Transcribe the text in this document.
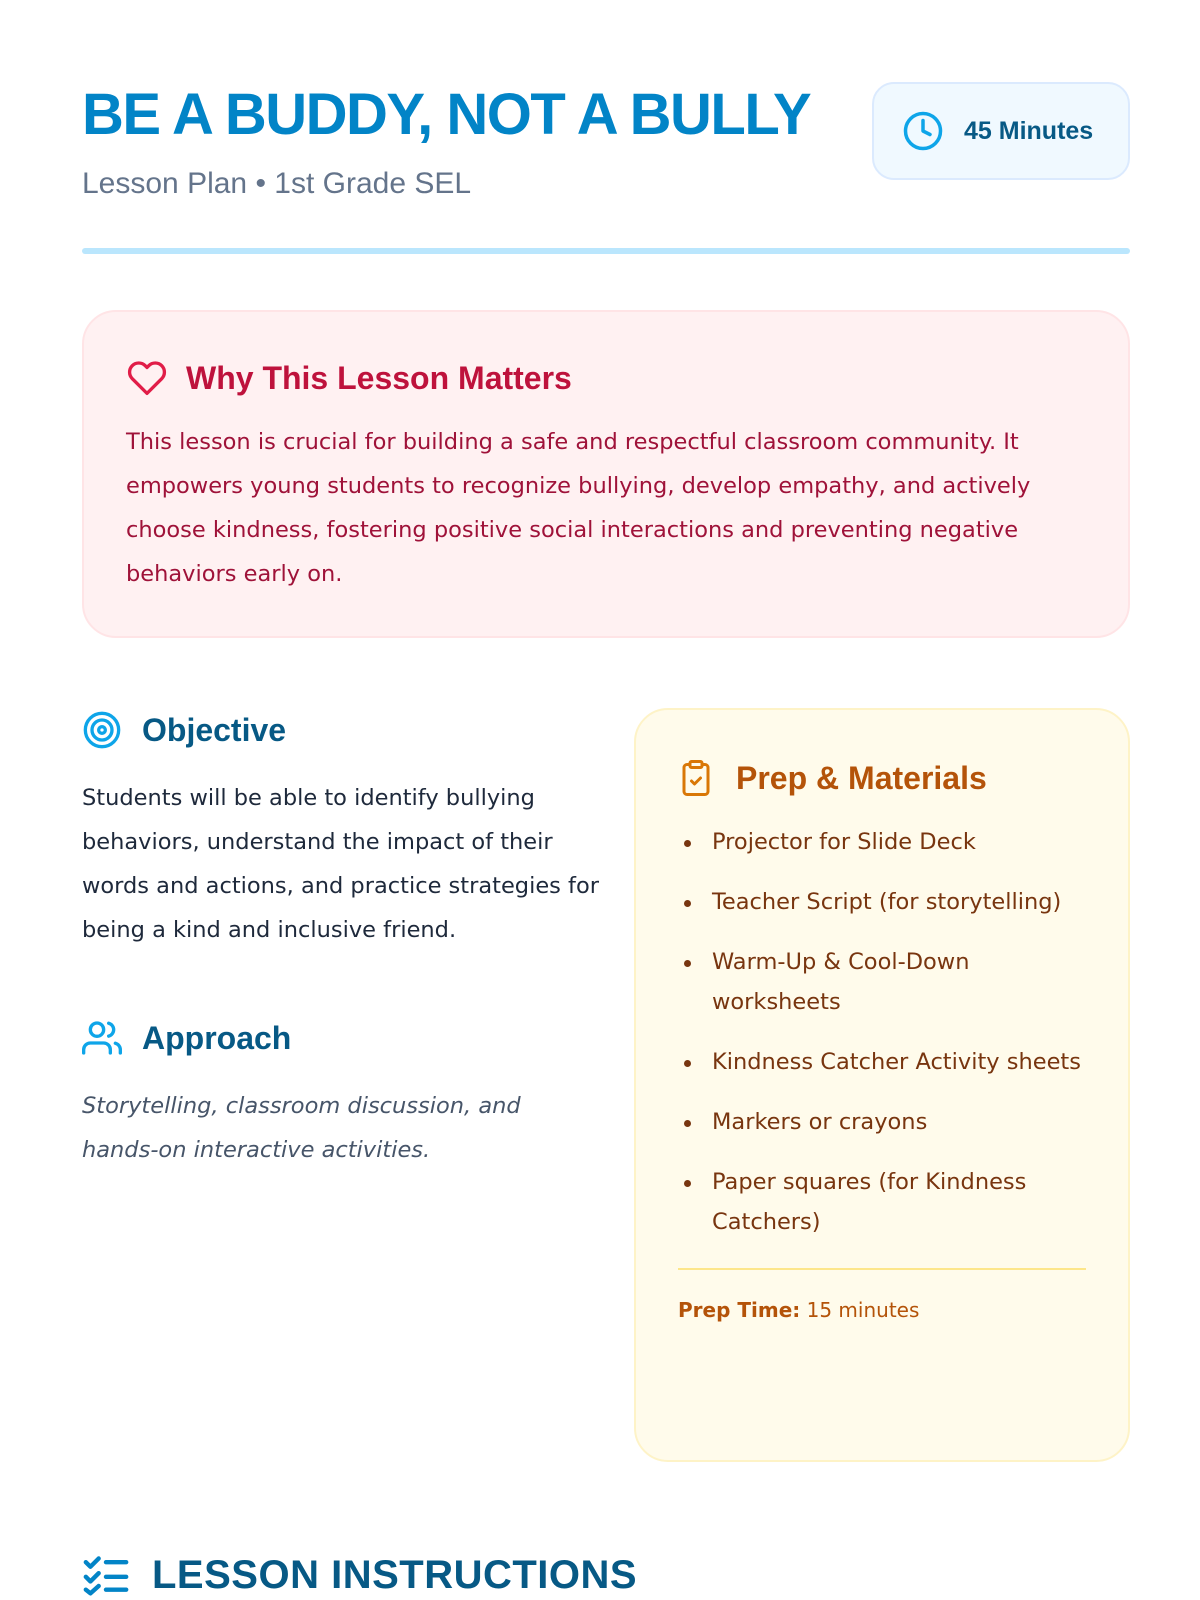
BE A BUDDY, NOT A BULLY
Lesson Plan • 1st Grade SEL
45 Minutes
Why This Lesson Matters

This lesson is crucial for building a safe and respectful classroom community. It empowers young students to recognize bullying, develop empathy, and actively choose kindness, fostering positive social interactions and preventing negative behaviors early on.

Objective

Students will be able to identify bullying behaviors, understand the impact of their words and actions, and practice strategies for being a kind and inclusive friend.

Approach

Storytelling, classroom discussion, and hands-on interactive activities.

Prep & Materials
Projector for Slide Deck
Teacher Script (for storytelling)
Warm-Up & Cool-Down worksheets
Kindness Catcher Activity sheets
Markers or crayons
Paper squares (for Kindness Catchers)
Prep Time: 15 minutes
LESSON INSTRUCTIONS
